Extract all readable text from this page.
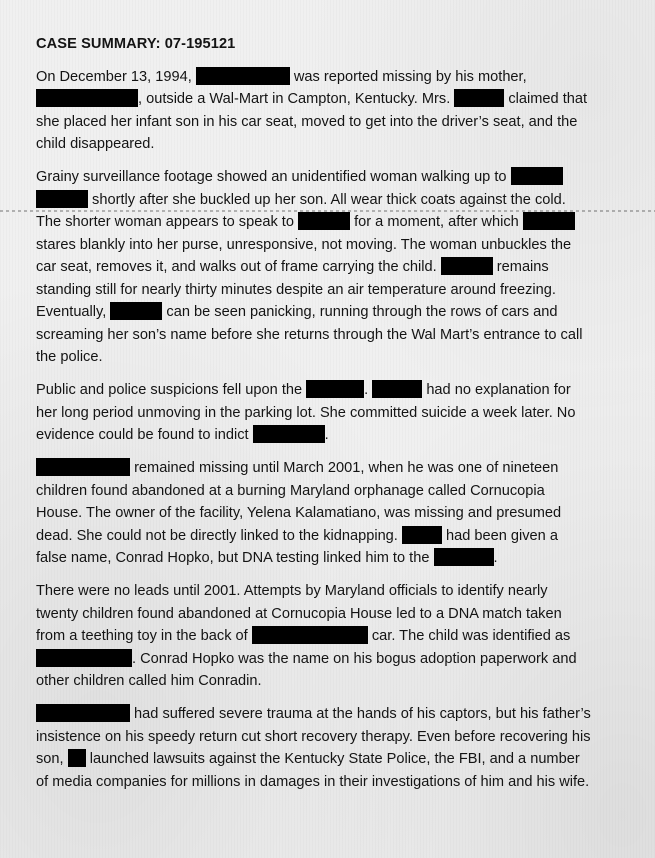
CASE SUMMARY: 07-195121

On December 13, 1994,	was reported missing by his mother, , outside a Wal-Mart in Campton, Kentucky. Mrs.	claimed that she placed her infant son in his car seat, moved to get into the driver’s seat, and the child disappeared.

Grainy surveillance footage showed an unidentified woman walking up to   shortly after she buckled up her son. All wear thick coats against the cold. The shorter woman appears to speak to	for a moment, after which  stares blankly into her purse, unresponsive, not moving. The woman unbuckles the car seat, removes it, and walks out of frame carrying the child.	remains standing still for nearly thirty minutes despite an air temperature around freezing. Eventually,	can be seen panicking, running through the rows of cars and screaming her son’s name before she returns through the Wal Mart’s entrance to call the police.

Public and police suspicions fell upon the	.	had no explanation for her long period unmoving in the parking lot. She committed suicide a week later. No evidence could be found to indict	.

remained missing until March 2001, when he was one of nineteen children found abandoned at a burning Maryland orphanage called Cornucopia House. The owner of the facility, Yelena Kalamatiano, was missing and presumed dead. She could not be directly linked to the kidnapping.	had been given a false name, Conrad Hopko, but DNA testing linked him to the	.

There were no leads until 2001. Attempts by Maryland officials to identify nearly twenty children found abandoned at Cornucopia House led to a DNA match taken from a teething toy in the back of	car. The child was identified as . Conrad Hopko was the name on his bogus adoption paperwork and other children called him Conradin.

had suffered severe trauma at the hands of his captors, but his father’s insistence on his speedy return cut short recovery therapy. Even before recovering his son,  launched lawsuits against the Kentucky State Police, the FBI, and a number of media companies for millions in damages in their investigations of him and his wife.
